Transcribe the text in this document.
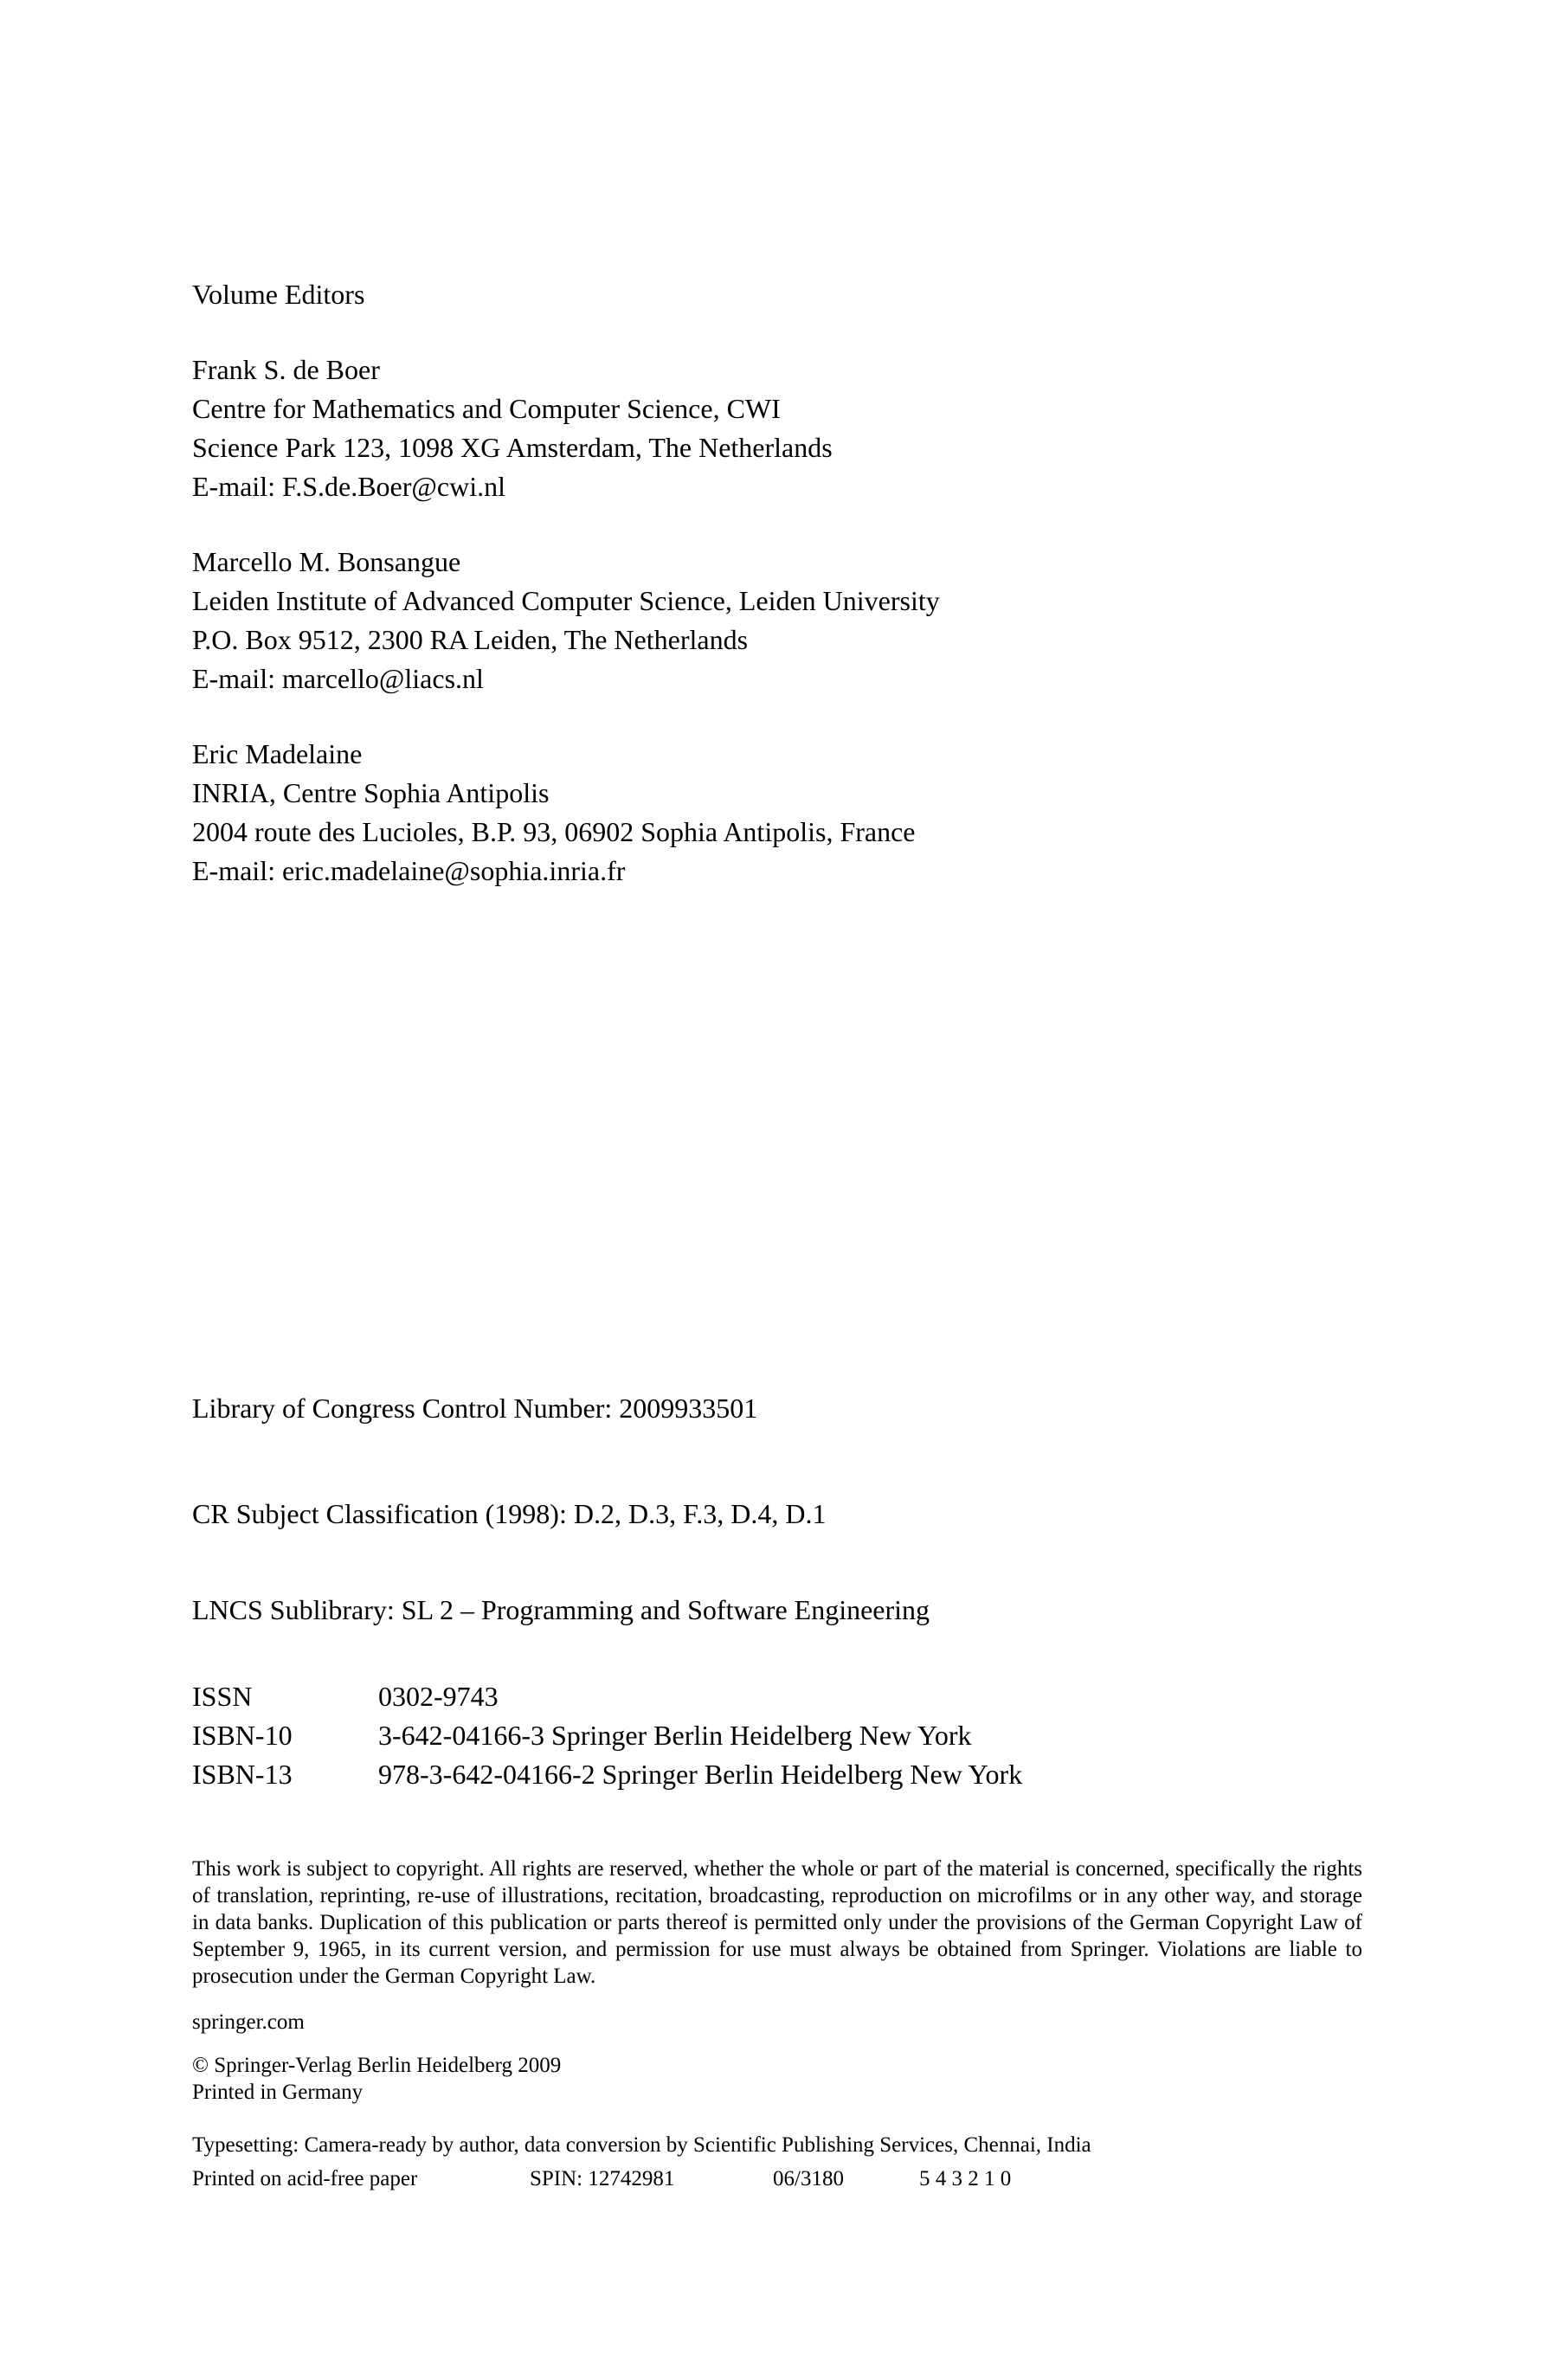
Volume Editors
Frank S. de Boer
Centre for Mathematics and Computer Science, CWI
Science Park 123, 1098 XG Amsterdam, The Netherlands
E-mail: F.S.de.Boer@cwi.nl
Marcello M. Bonsangue
Leiden Institute of Advanced Computer Science, Leiden University
P.O. Box 9512, 2300 RA Leiden, The Netherlands
E-mail: marcello@liacs.nl
Eric Madelaine
INRIA, Centre Sophia Antipolis
2004 route des Lucioles, B.P. 93, 06902 Sophia Antipolis, France
E-mail: eric.madelaine@sophia.inria.fr
Library of Congress Control Number: 2009933501
CR Subject Classification (1998): D.2, D.3, F.3, D.4, D.1
LNCS Sublibrary: SL 2 – Programming and Software Engineering
ISSN	0302-9743
ISBN-10	3-642-04166-3 Springer Berlin Heidelberg New York
ISBN-13	978-3-642-04166-2 Springer Berlin Heidelberg New York
This work is subject to copyright. All rights are reserved, whether the whole or part of the material is concerned, specifically the rights of translation, reprinting, re-use of illustrations, recitation, broadcasting, reproduction on microfilms or in any other way, and storage in data banks. Duplication of this publication or parts thereof is permitted only under the provisions of the German Copyright Law of September 9, 1965, in its current version, and permission for use must always be obtained from Springer. Violations are liable to prosecution under the German Copyright Law.
springer.com
© Springer-Verlag Berlin Heidelberg 2009
Printed in Germany
Typesetting: Camera-ready by author, data conversion by Scientific Publishing Services, Chennai, India
Printed on acid-free paper	SPIN: 12742981	06/3180	5 4 3 2 1 0
